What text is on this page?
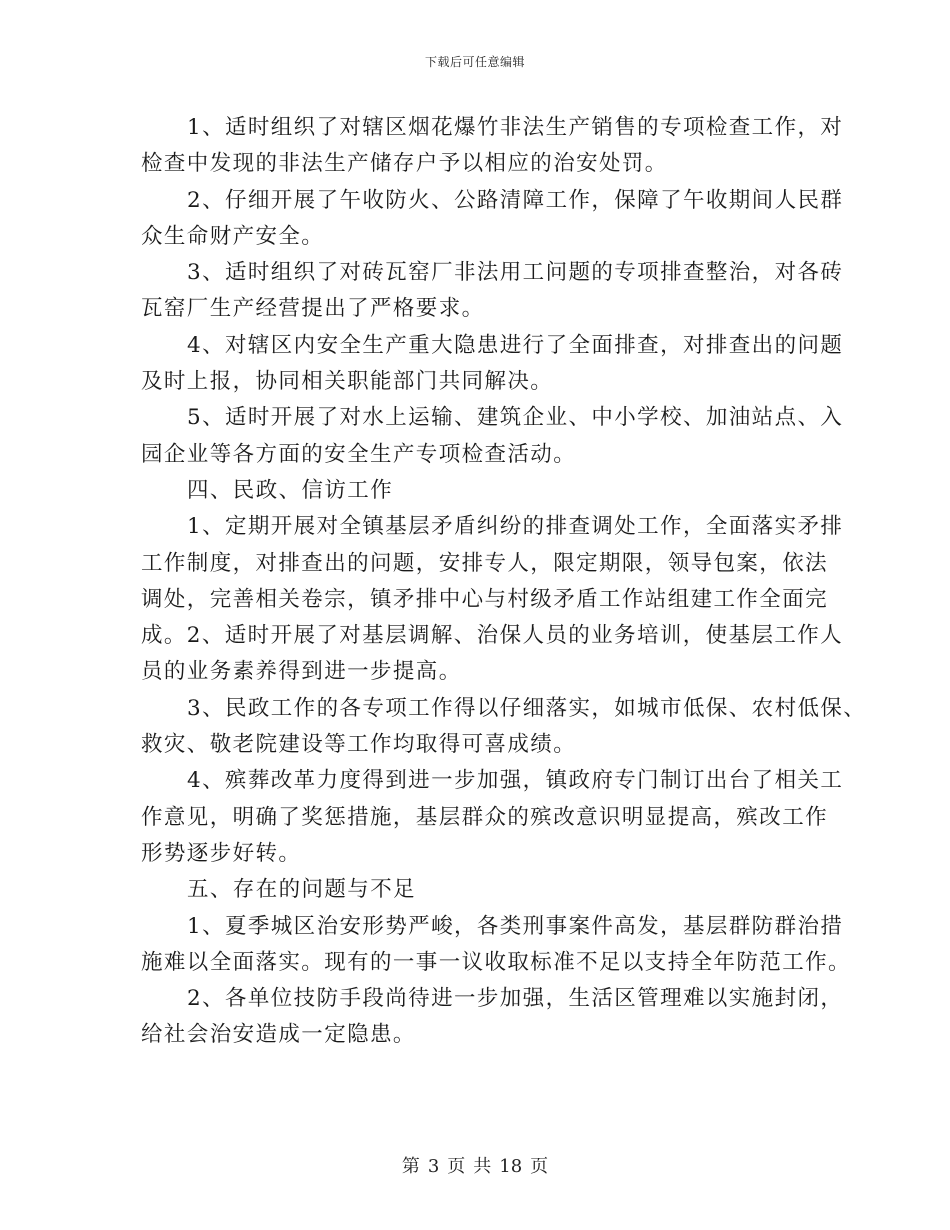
下载后可任意编辑
1、适时组织了对辖区烟花爆竹非法生产销售的专项检查工作，对
检查中发现的非法生产储存户予以相应的治安处罚。
2、仔细开展了午收防火、公路清障工作，保障了午收期间人民群
众生命财产安全。
3、适时组织了对砖瓦窑厂非法用工问题的专项排查整治，对各砖
瓦窑厂生产经营提出了严格要求。
4、对辖区内安全生产重大隐患进行了全面排查，对排查出的问题
及时上报，协同相关职能部门共同解决。
5、适时开展了对水上运输、建筑企业、中小学校、加油站点、入
园企业等各方面的安全生产专项检查活动。
四、民政、信访工作
1、定期开展对全镇基层矛盾纠纷的排查调处工作，全面落实矛排
工作制度，对排查出的问题，安排专人，限定期限，领导包案，依法
调处，完善相关卷宗，镇矛排中心与村级矛盾工作站组建工作全面完
成。2、适时开展了对基层调解、治保人员的业务培训，使基层工作人
员的业务素养得到进一步提高。
3、民政工作的各专项工作得以仔细落实，如城市低保、农村低保、
救灾、敬老院建设等工作均取得可喜成绩。
4、殡葬改革力度得到进一步加强，镇政府专门制订出台了相关工
作意见，明确了奖惩措施，基层群众的殡改意识明显提高，殡改工作
形势逐步好转。
五、存在的问题与不足
1、夏季城区治安形势严峻，各类刑事案件高发，基层群防群治措
施难以全面落实。现有的一事一议收取标准不足以支持全年防范工作。
2、各单位技防手段尚待进一步加强，生活区管理难以实施封闭，
给社会治安造成一定隐患。
第 3 页 共 18 页
